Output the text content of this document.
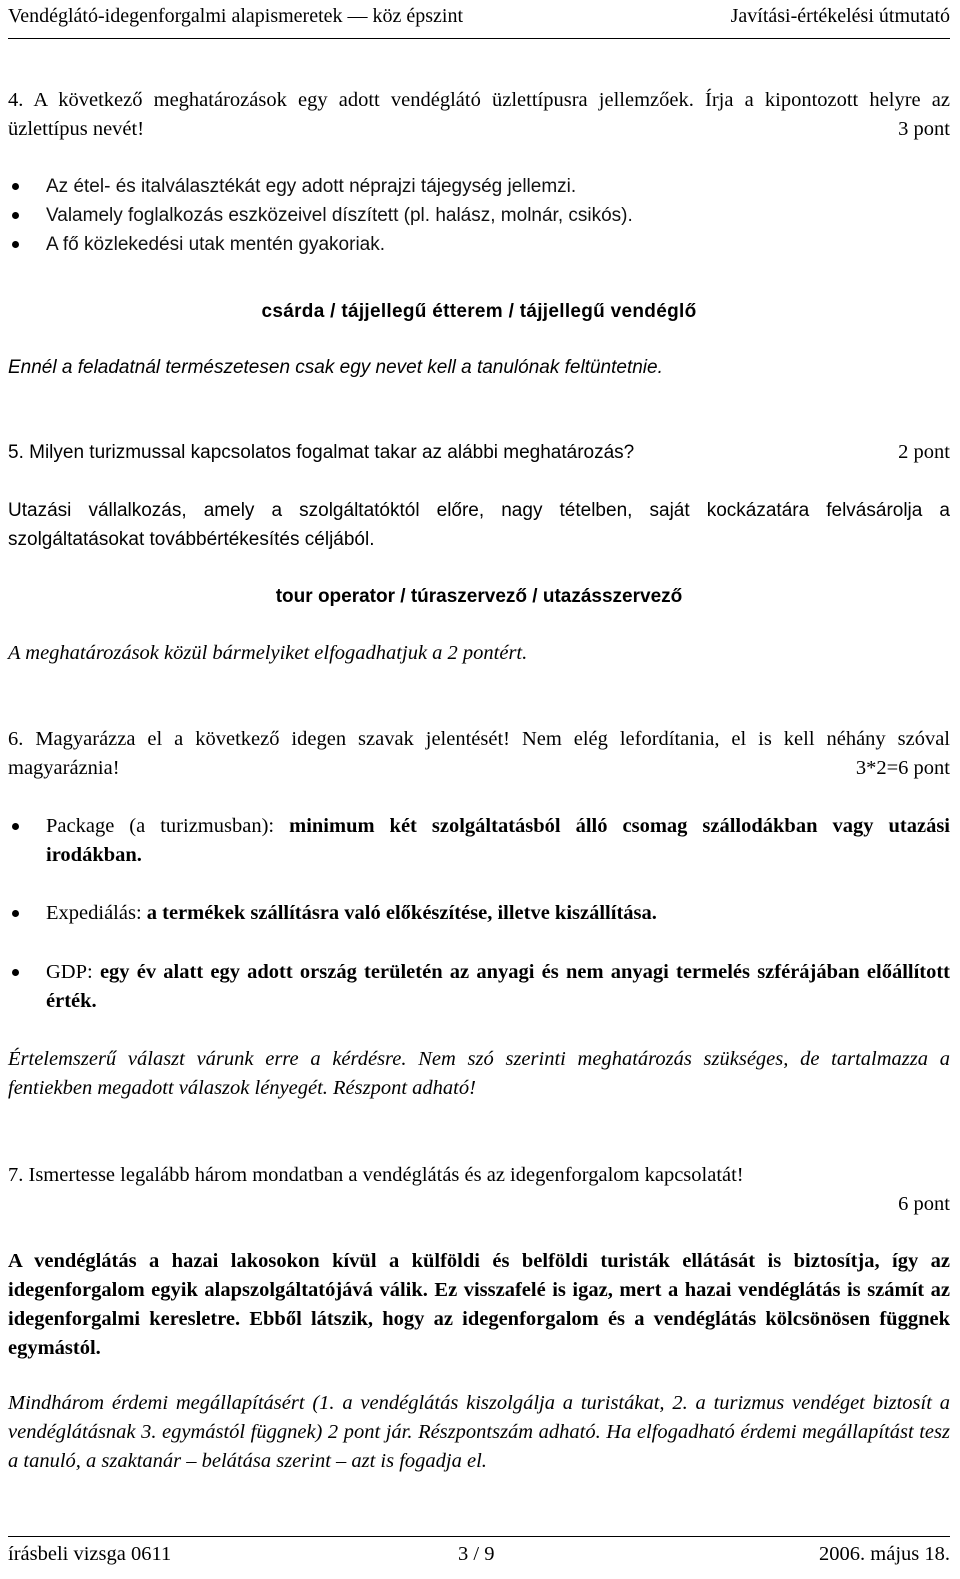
Vendéglátó-idegenforgalmi alapismeretek — köz épszint	Javítási-értékelési útmutató
4. A következő meghatározások egy adott vendéglátó üzlettípusra jellemzőek. Írja a kipontozott helyre az üzlettípus nevét!	3 pont
Az étel- és italválasztékát egy adott néprajzi tájegység jellemzi.
Valamely foglalkozás eszközeivel díszített (pl. halász, molnár, csikós).
A fő közlekedési utak mentén gyakoriak.
csárda / tájjellegű étterem / tájjellegű vendéglő
Ennél a feladatnál természetesen csak egy nevet kell a tanulónak feltüntetnie.
5. Milyen turizmussal kapcsolatos fogalmat takar az alábbi meghatározás?	2 pont
Utazási vállalkozás, amely a szolgáltatóktól előre, nagy tételben, saját kockázatára felvásárolja a szolgáltatásokat továbbértékesítés céljából.
tour operator / túraszervező / utazásszervező
A meghatározások közül bármelyiket elfogadhatjuk a 2 pontért.
6. Magyarázza el a következő idegen szavak jelentését! Nem elég lefordítania, el is kell néhány szóval magyaráznia!	3*2=6 pont
Package (a turizmusban): minimum két szolgáltatásból álló csomag szállodákban vagy utazási irodákban.
Expediálás: a termékek szállításra való előkészítése, illetve kiszállítása.
GDP: egy év alatt egy adott ország területén az anyagi és nem anyagi termelés szférájában előállított érték.
Értelemszerű választ várunk erre a kérdésre. Nem szó szerinti meghatározás szükséges, de tartalmazza a fentiekben megadott válaszok lényegét. Részpont adható!
7. Ismertesse legalább három mondatban a vendéglátás és az idegenforgalom kapcsolatát!
6 pont
A vendéglátás a hazai lakosokon kívül a külföldi és belföldi turisták ellátását is biztosítja, így az idegenforgalom egyik alapszolgáltatójává válik. Ez visszafelé is igaz, mert a hazai vendéglátás is számít az idegenforgalmi keresletre. Ebből látszik, hogy az idegenforgalom és a vendéglátás kölcsönösen függnek egymástól.
Mindhárom érdemi megállapításért (1. a vendéglátás kiszolgálja a turistákat, 2. a turizmus vendéget biztosít a vendéglátásnak 3. egymástól függnek) 2 pont jár. Részpontszám adható. Ha elfogadható érdemi megállapítást tesz a tanuló, a szaktanár – belátása szerint – azt is fogadja el.
írásbeli vizsga 0611	3 / 9	2006. május 18.
